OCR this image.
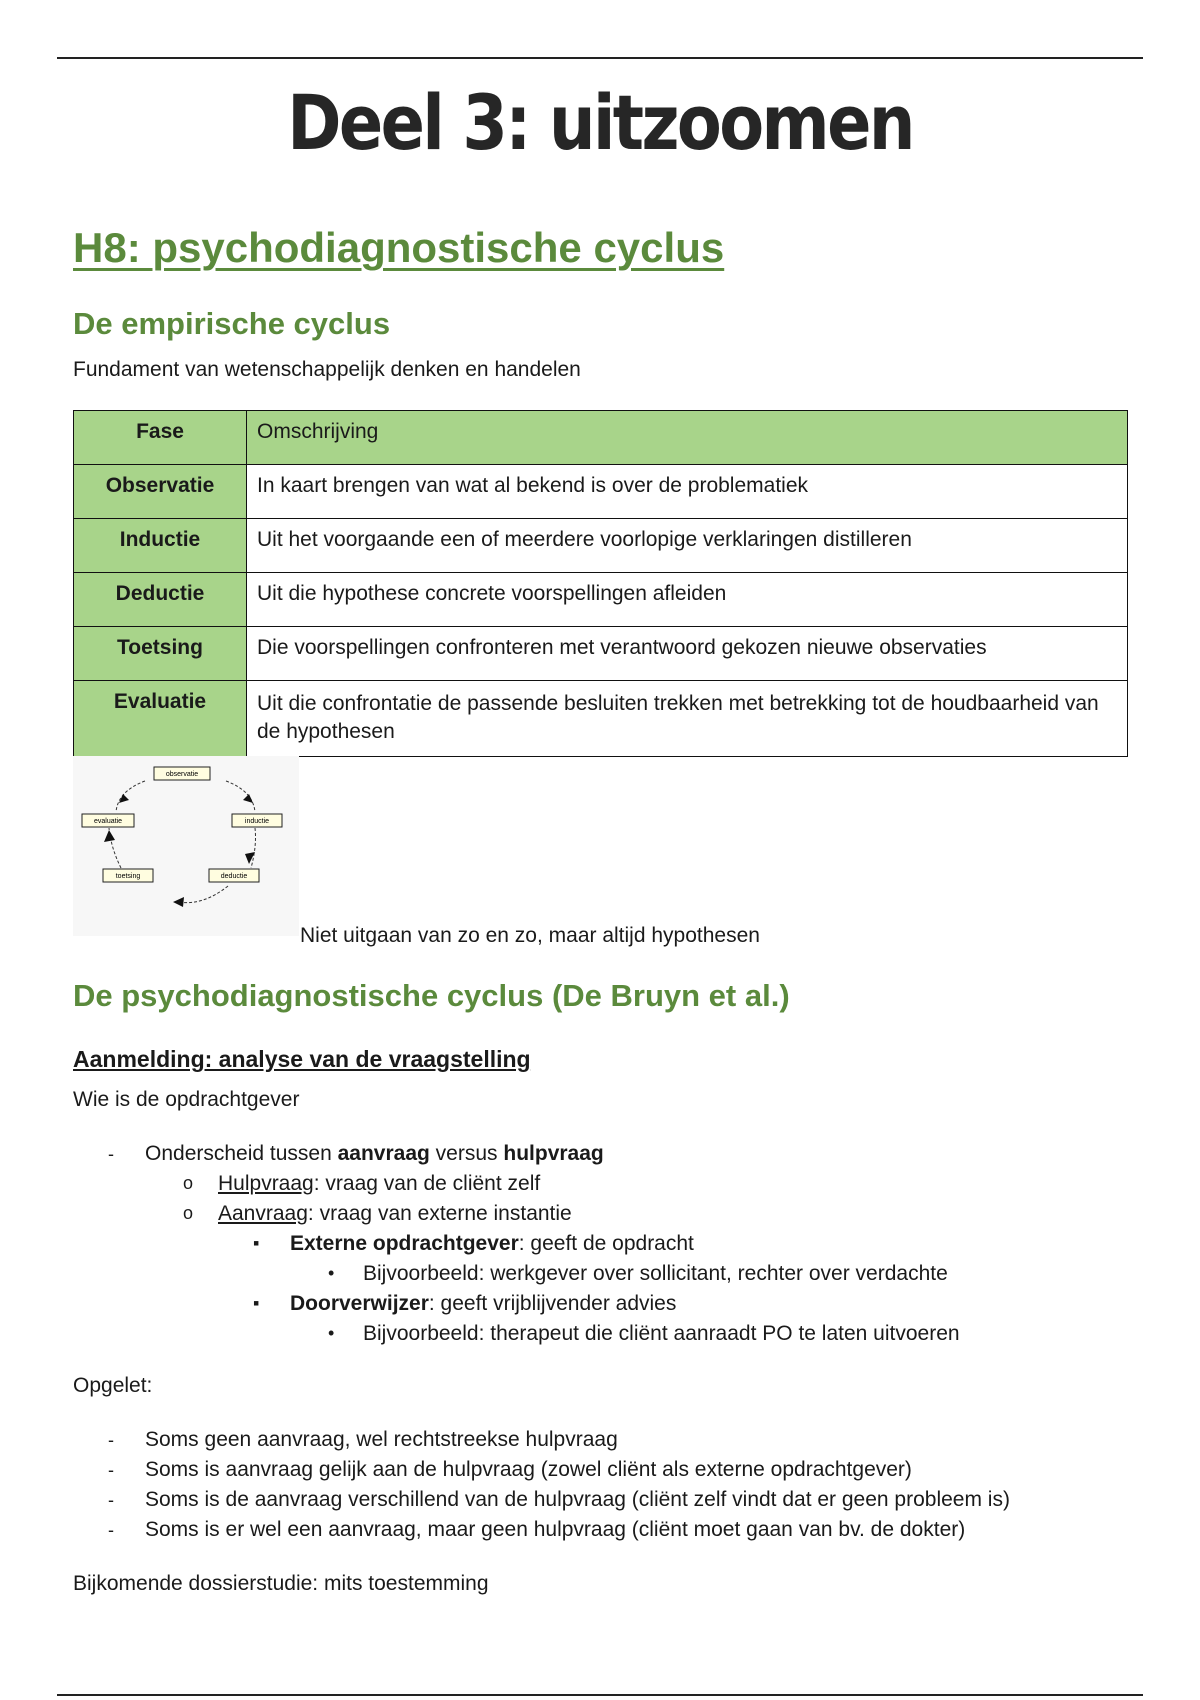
Deel 3: uitzoomen
H8: psychodiagnostische cyclus
De empirische cyclus

Fundament van wetenschappelijk denken en handelen

Fase	Omschrijving
Observatie	In kaart brengen van wat al bekend is over de problematiek
Inductie	Uit het voorgaande een of meerdere voorlopige verklaringen distilleren
Deductie	Uit die hypothese concrete voorspellingen afleiden
Toetsing	Die voorspellingen confronteren met verantwoord gekozen nieuwe observaties
Evaluatie	Uit die confrontatie de passende besluiten trekken met betrekking tot de houdbaarheid van de hypothesen
observatie
inductie
deductie
toetsing
evaluatie

Niet uitgaan van zo en zo, maar altijd hypothesen

De psychodiagnostische cyclus (De Bruyn et al.)

Aanmelding: analyse van de vraagstelling

Wie is de opdrachtgever

- Onderscheid tussen aanvraag versus hulpvraag
o Hulpvraag: vraag van de cliënt zelf
o Aanvraag: vraag van externe instantie
▪ Externe opdrachtgever: geeft de opdracht
• Bijvoorbeeld: werkgever over sollicitant, rechter over verdachte
▪ Doorverwijzer: geeft vrijblijvender advies
• Bijvoorbeeld: therapeut die cliënt aanraadt PO te laten uitvoeren

Opgelet:

- Soms geen aanvraag, wel rechtstreekse hulpvraag
- Soms is aanvraag gelijk aan de hulpvraag (zowel cliënt als externe opdrachtgever)
- Soms is de aanvraag verschillend van de hulpvraag (cliënt zelf vindt dat er geen probleem is)
- Soms is er wel een aanvraag, maar geen hulpvraag (cliënt moet gaan van bv. de dokter)

Bijkomende dossierstudie: mits toestemming
